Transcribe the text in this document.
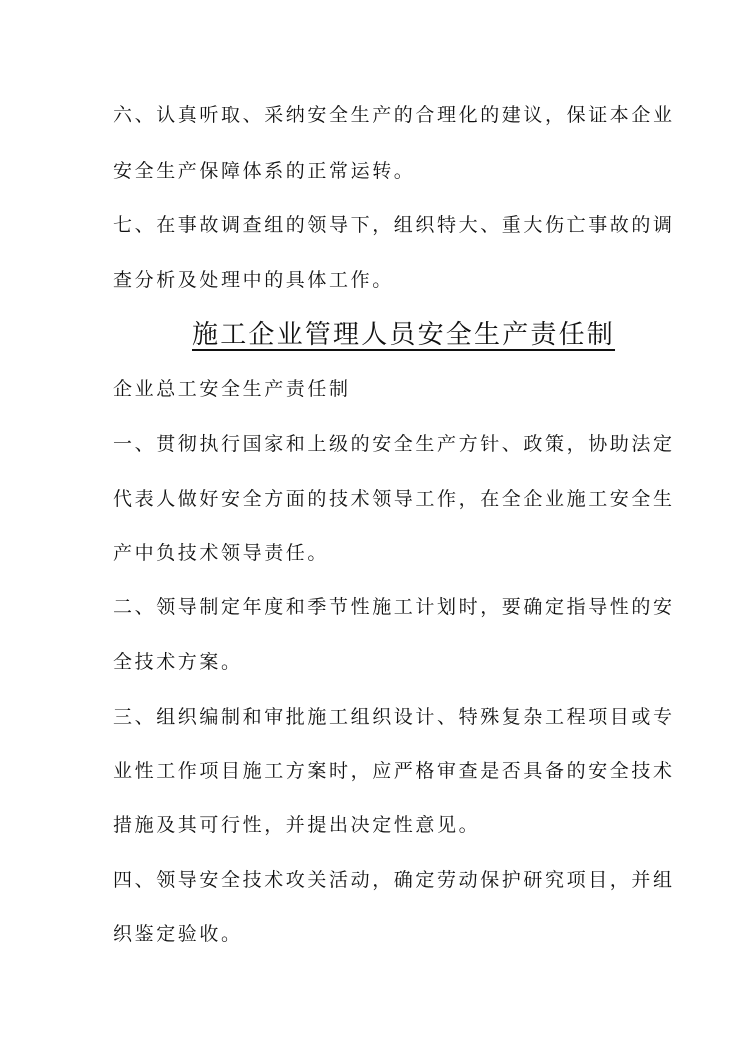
六、认真听取、采纳安全生产的合理化的建议，保证本企业
安全生产保障体系的正常运转。
七、在事故调查组的领导下，组织特大、重大伤亡事故的调
查分析及处理中的具体工作。
施工企业管理人员安全生产责任制
企业总工安全生产责任制
一、贯彻执行国家和上级的安全生产方针、政策，协助法定
代表人做好安全方面的技术领导工作，在全企业施工安全生
产中负技术领导责任。
二、领导制定年度和季节性施工计划时，要确定指导性的安
全技术方案。
三、组织编制和审批施工组织设计、特殊复杂工程项目或专
业性工作项目施工方案时，应严格审查是否具备的安全技术
措施及其可行性，并提出决定性意见。
四、领导安全技术攻关活动，确定劳动保护研究项目，并组
织鉴定验收。
